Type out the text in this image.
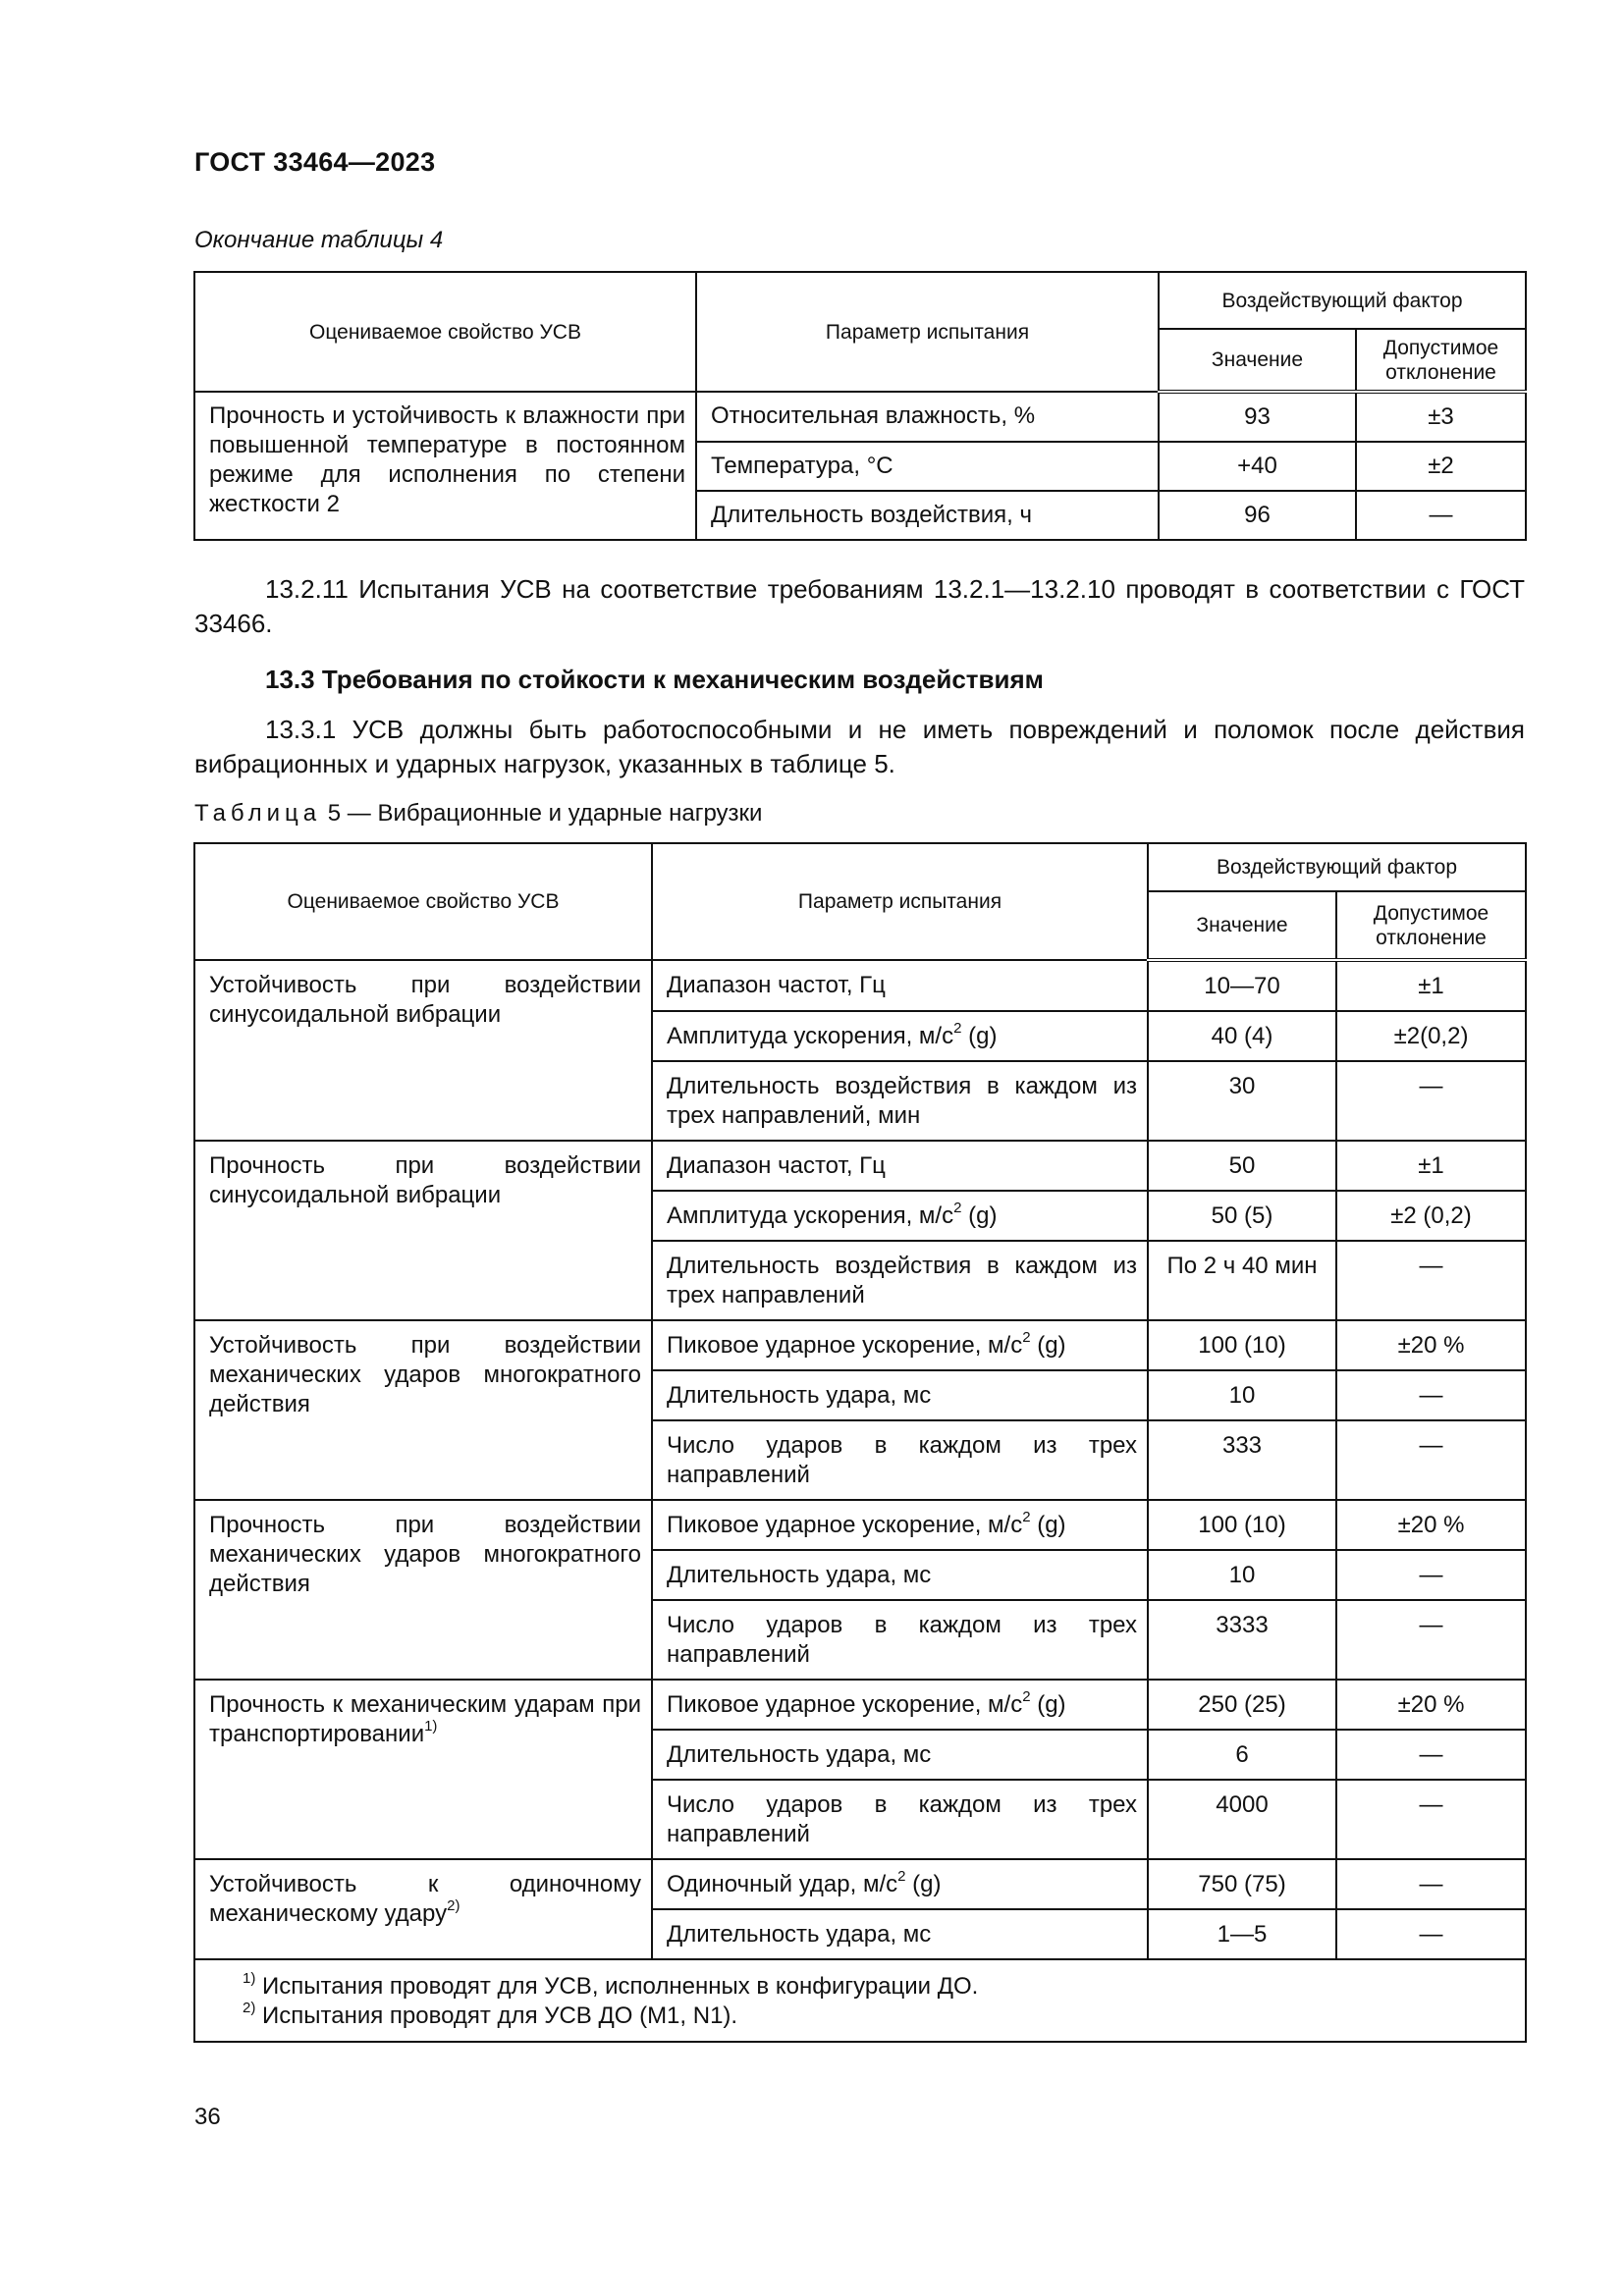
ГОСТ 33464—2023
Окончание таблицы 4
Оцениваемое свойство УСВ	Параметр испытания	Воздействующий фактор	
		Значение	Допустимое отклонение
Прочность и устойчивость к влажности при повышенной температуре в постоянном режиме для исполнения по степени жесткости 2	Относительная влажность, %	93	±3
	Температура, °С	+40	±2
	Длительность воздействия, ч	96	—
13.2.11 Испытания УСВ на соответствие требованиям 13.2.1—13.2.10 проводят в соответствии с ГОСТ 33466.
13.3 Требования по стойкости к механическим воздействиям
13.3.1 УСВ должны быть работоспособными и не иметь повреждений и поломок после действия вибрационных и ударных нагрузок, указанных в таблице 5.
Таблица 5 — Вибрационные и ударные нагрузки
Оцениваемое свойство УСВ	Параметр испытания	Воздействующий фактор	
		Значение	Допустимое отклонение
Устойчивость при воздействии синусоидальной вибрации	Диапазон частот, Гц	10—70	±1
	Амплитуда ускорения, $м/с^2$ (g)	40 (4)	±2(0,2)
	Длительность воздействия в каждом из трех направлений, мин	30	—
Прочность при воздействии синусоидальной вибрации	Диапазон частот, Гц	50	±1
	Амплитуда ускорения, $м/с^2$ (g)	50 (5)	±2 (0,2)
	Длительность воздействия в каждом из трех направлений	По 2 ч 40 мин	—
Устойчивость при воздействии механических ударов многократного действия	Пиковое ударное ускорение, $м/с^2$ (g)	100 (10)	±20 %
	Длительность удара, мс	10	—
	Число ударов в каждом из трех направлений	333	—
Прочность при воздействии механических ударов многократного действия	Пиковое ударное ускорение, $м/с^2$ (g)	100 (10)	±20 %
	Длительность удара, мс	10	—
	Число ударов в каждом из трех направлений	3333	—
Прочность к механическим ударам при транспортировании$^{1)}$	Пиковое ударное ускорение, $м/с^2$ (g)	250 (25)	±20 %
	Длительность удара, мс	6	—
	Число ударов в каждом из трех направлений	4000	—
Устойчивость к одиночному механическому удару$^{2)}$	Одиночный удар, $м/с^2$ (g)	750 (75)	—
	Длительность удара, мс	1—5	—

$^{1)}$ Испытания проводят для УСВ, исполненных в конфигурации ДО.
$^{2)}$ Испытания проводят для УСВ ДО (М1, N1).			
36
